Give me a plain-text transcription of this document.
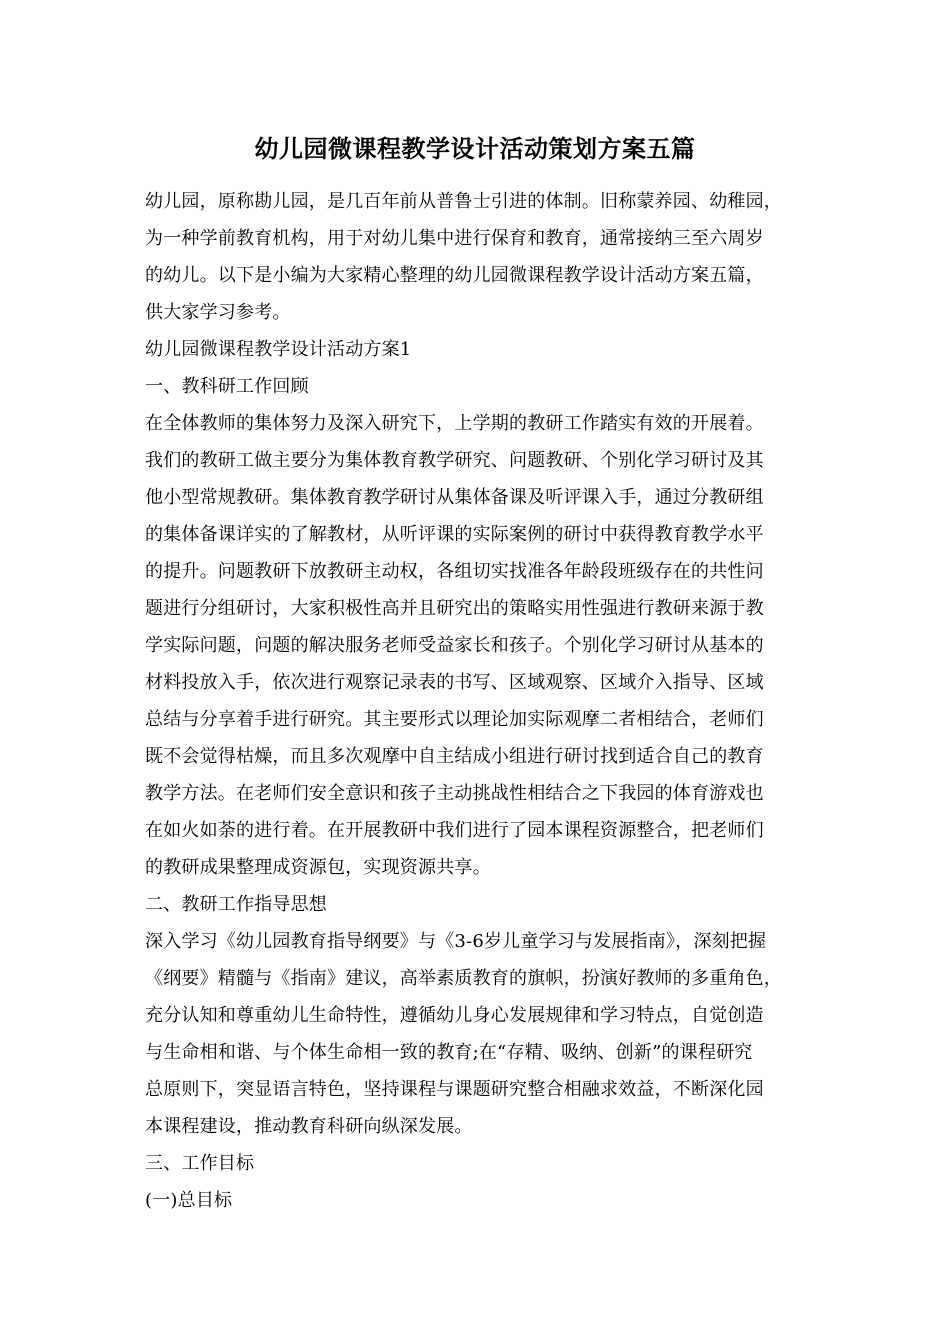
幼儿园微课程教学设计活动策划方案五篇
幼儿园，原称勘儿园，是几百年前从普鲁士引进的体制。旧称蒙养园、幼稚园，
为一种学前教育机构，用于对幼儿集中进行保育和教育，通常接纳三至六周岁
的幼儿。以下是小编为大家精心整理的幼儿园微课程教学设计活动方案五篇，
供大家学习参考。
幼儿园微课程教学设计活动方案1
一、教科研工作回顾
在全体教师的集体努力及深入研究下，上学期的教研工作踏实有效的开展着。
我们的教研工做主要分为集体教育教学研究、问题教研、个别化学习研讨及其
他小型常规教研。集体教育教学研讨从集体备课及听评课入手，通过分教研组
的集体备课详实的了解教材，从听评课的实际案例的研讨中获得教育教学水平
的提升。问题教研下放教研主动权，各组切实找准各年龄段班级存在的共性问
题进行分组研讨，大家积极性高并且研究出的策略实用性强进行教研来源于教
学实际问题，问题的解决服务老师受益家长和孩子。个别化学习研讨从基本的
材料投放入手，依次进行观察记录表的书写、区域观察、区域介入指导、区域
总结与分享着手进行研究。其主要形式以理论加实际观摩二者相结合，老师们
既不会觉得枯燥，而且多次观摩中自主结成小组进行研讨找到适合自己的教育
教学方法。在老师们安全意识和孩子主动挑战性相结合之下我园的体育游戏也
在如火如荼的进行着。在开展教研中我们进行了园本课程资源整合，把老师们
的教研成果整理成资源包，实现资源共享。
二、教研工作指导思想
深入学习《幼儿园教育指导纲要》与《3-6岁儿童学习与发展指南》，深刻把握
《纲要》精髓与《指南》建议，高举素质教育的旗帜，扮演好教师的多重角色，
充分认知和尊重幼儿生命特性，遵循幼儿身心发展规律和学习特点，自觉创造
与生命相和谐、与个体生命相一致的教育;在“存精、吸纳、创新”的课程研究
总原则下，突显语言特色，坚持课程与课题研究整合相融求效益，不断深化园
本课程建设，推动教育科研向纵深发展。
三、工作目标
(一)总目标
